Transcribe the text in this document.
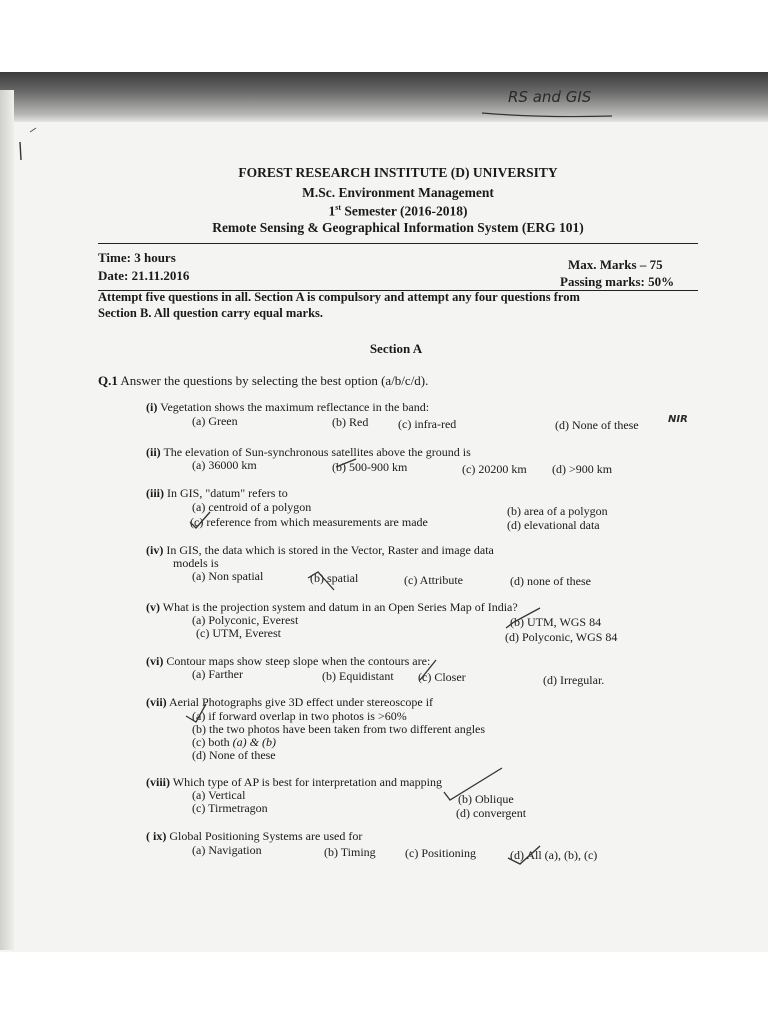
RS and GIS
FOREST RESEARCH INSTITUTE (D) UNIVERSITY
M.Sc. Environment Management
1st Semester (2016-2018)
Remote Sensing & Geographical Information System (ERG 101)
Time: 3 hours
Date: 21.11.2016
Max. Marks – 75
Passing marks: 50%
Attempt five questions in all. Section A is compulsory and attempt any four questions from
Section B. All question carry equal marks.
Section A
Q.1 Answer the questions by selecting the best option (a/b/c/d).
(i) Vegetation shows the maximum reflectance in the band:
(a) Green	(b) Red (c) infra-red	(d) None of these	NIR
(ii) The elevation of Sun-synchronous satellites above the ground is
(a) 36000 km	(b) 500-900 km	(c) 20200 km (d) >900 km
(iii) In GIS, "datum" refers to
(a) centroid of a polygon	(b) area of a polygon
(c) reference from which measurements are made	(d) elevational data
(iv) In GIS, the data which is stored in the Vector, Raster and image data
models is
(a) Non spatial	(b) spatial	(c) Attribute	(d) none of these
(v) What is the projection system and datum in an Open Series Map of India?
(a) Polyconic, Everest	(b) UTM, WGS 84
(c) UTM, Everest	(d) Polyconic, WGS 84
(vi) Contour maps show steep slope when the contours are:
(a) Farther	(b) Equidistant (c) Closer	(d) Irregular.
(vii) Aerial Photographs give 3D effect under stereoscope if
(a) if forward overlap in two photos is >60%
(b) the two photos have been taken from two different angles
(c) both (a) & (b)
(d) None of these
(viii) Which type of AP is best for interpretation and mapping
(a) Vertical	(b) Oblique
(c) Tirmetragon	(d) convergent
( ix) Global Positioning Systems are used for
(a) Navigation	(b) Timing (c) Positioning	(d) All (a), (b), (c)
